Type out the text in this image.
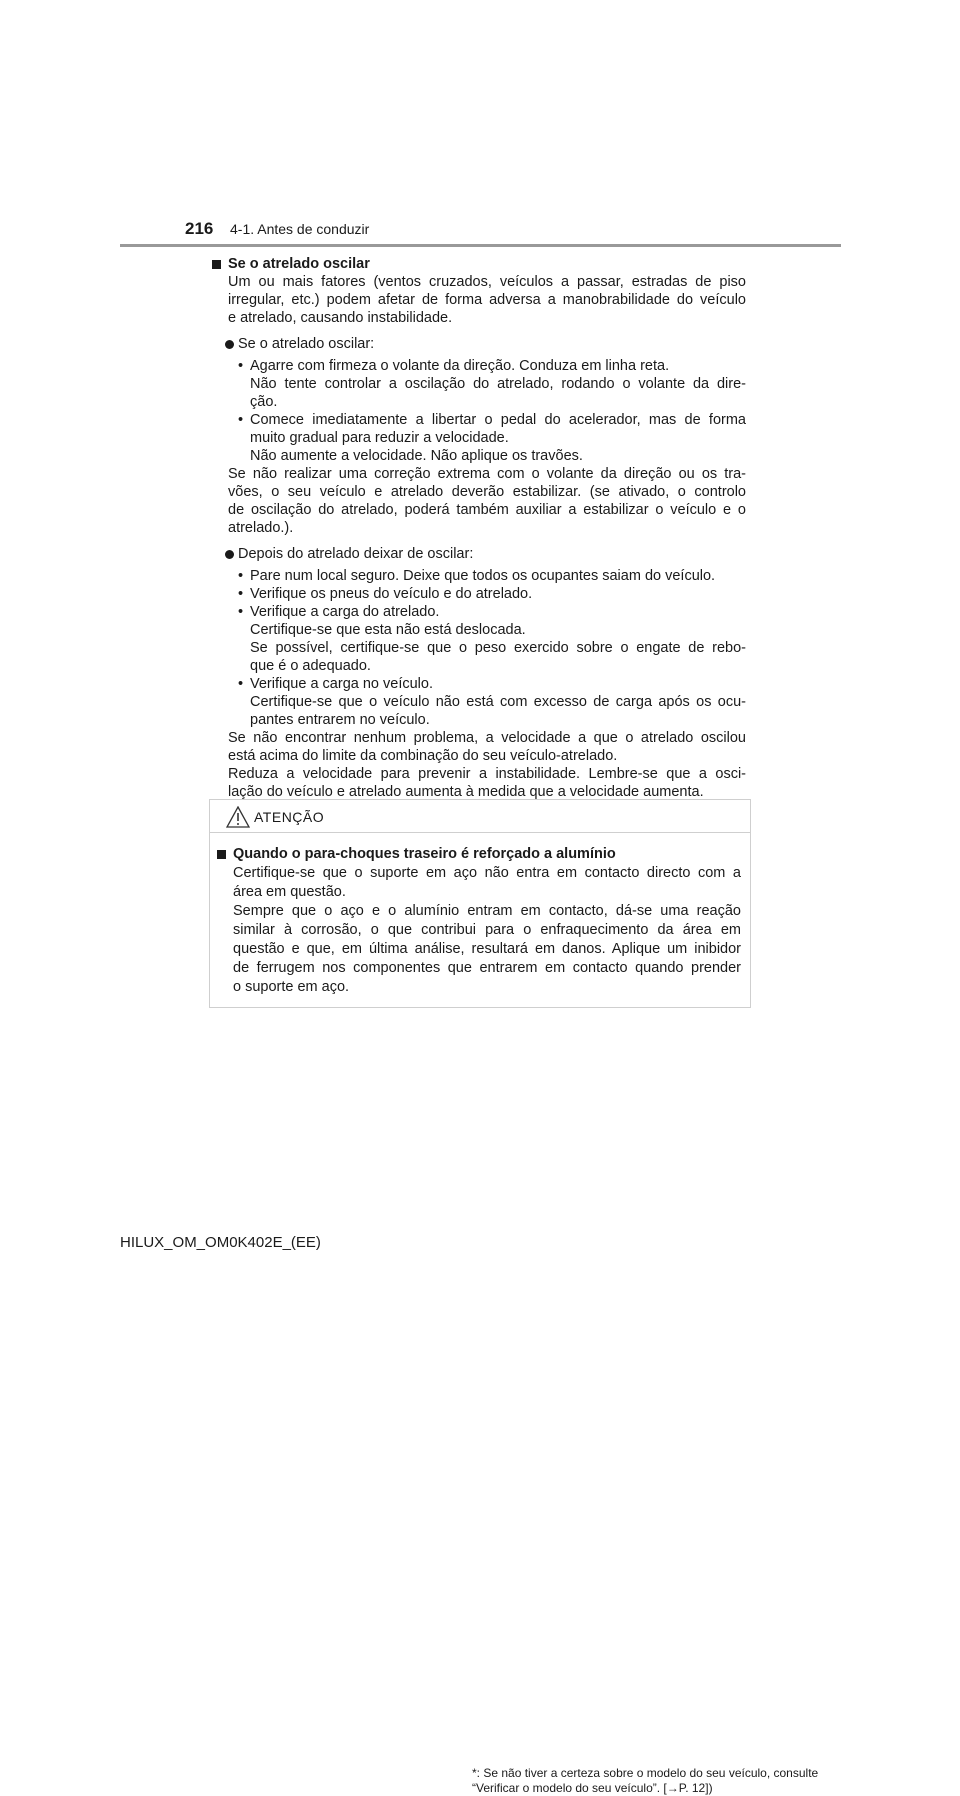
216 4-1. Antes de conduzir
Se o atrelado oscilar
Um ou mais fatores (ventos cruzados, veículos a passar, estradas de piso
irregular, etc.) podem afetar de forma adversa a manobrabilidade do veículo
e atrelado, causando instabilidade.
Se o atrelado oscilar:
• Agarre com firmeza o volante da direção. Conduza em linha reta.
Não tente controlar a oscilação do atrelado, rodando o volante da dire-
ção.
• Comece imediatamente a libertar o pedal do acelerador, mas de forma
muito gradual para reduzir a velocidade.
Não aumente a velocidade. Não aplique os travões.
Se não realizar uma correção extrema com o volante da direção ou os tra-
vões, o seu veículo e atrelado deverão estabilizar. (se ativado, o controlo
de oscilação do atrelado, poderá também auxiliar a estabilizar o veículo e o
atrelado.).
Depois do atrelado deixar de oscilar:
• Pare num local seguro. Deixe que todos os ocupantes saiam do veículo.
• Verifique os pneus do veículo e do atrelado.
• Verifique a carga do atrelado.
Certifique-se que esta não está deslocada.
Se possível, certifique-se que o peso exercido sobre o engate de rebo-
que é o adequado.
• Verifique a carga no veículo.
Certifique-se que o veículo não está com excesso de carga após os ocu-
pantes entrarem no veículo.
Se não encontrar nenhum problema, a velocidade a que o atrelado oscilou
está acima do limite da combinação do seu veículo-atrelado.
Reduza a velocidade para prevenir a instabilidade. Lembre-se que a osci-
lação do veículo e atrelado aumenta à medida que a velocidade aumenta.
ATENÇÃO
Quando o para-choques traseiro é reforçado a alumínio
Certifique-se que o suporte em aço não entra em contacto directo com a
área em questão.
Sempre que o aço e o alumínio entram em contacto, dá-se uma reação
similar à corrosão, o que contribui para o enfraquecimento da área em
questão e que, em última análise, resultará em danos. Aplique um inibidor
de ferrugem nos componentes que entrarem em contacto quando prender
o suporte em aço.
*: Se não tiver a certeza sobre o modelo do seu veículo, consulte
“Verificar o modelo do seu veículo”. [→P. 12])
HILUX_OM_OM0K402E_(EE)
